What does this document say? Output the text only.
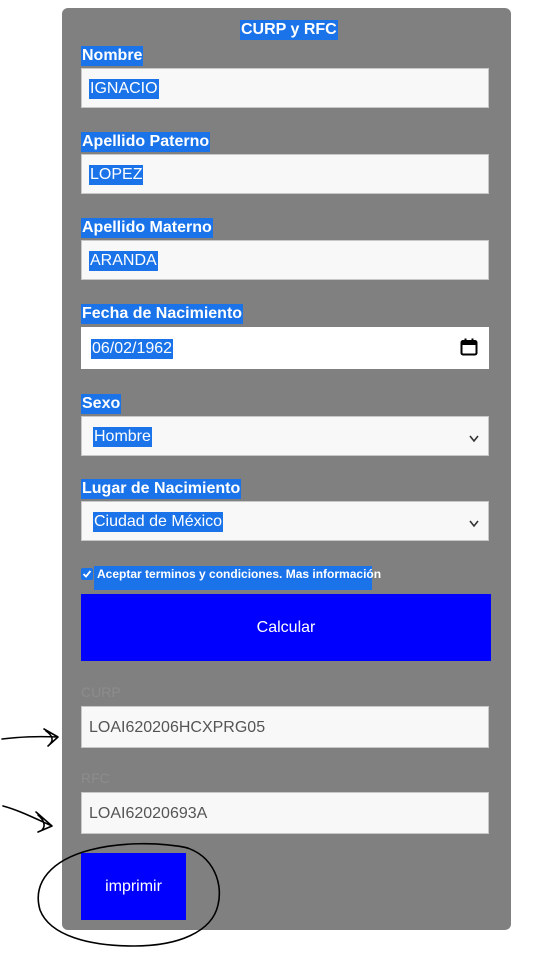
CURP y RFC
Nombre
IGNACIO
Apellido Paterno
LOPEZ
Apellido Materno
ARANDA
Fecha de Nacimiento
06/02/1962
Sexo
Hombre
Lugar de Nacimiento
Ciudad de México
Aceptar terminos y condiciones. Mas información
Calcular
CURP
LOAI620206HCXPRG05
RFC
LOAI62020693A
imprimir
